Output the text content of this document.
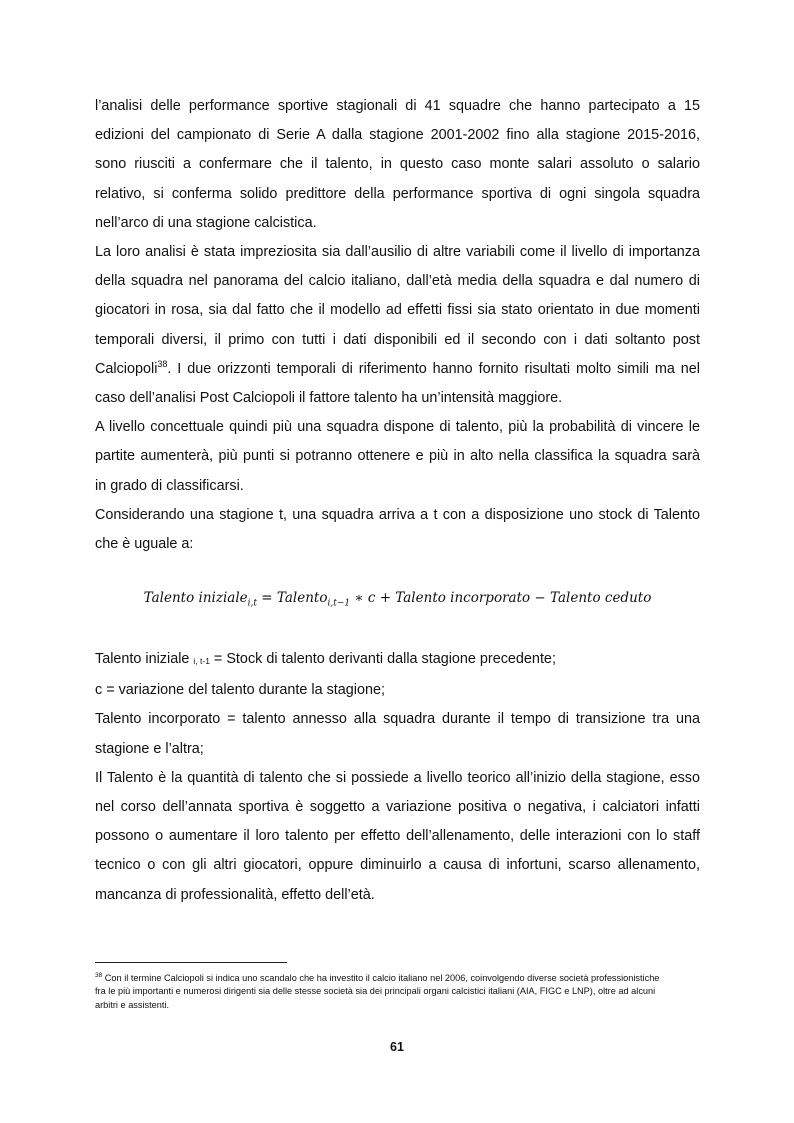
l’analisi delle performance sportive stagionali di 41 squadre che hanno partecipato a 15

edizioni del campionato di Serie A dalla stagione 2001-2002 fino alla stagione 2015-2016,

sono riusciti a confermare che il talento, in questo caso monte salari assoluto o salario

relativo, si conferma solido predittore della performance sportiva di ogni singola squadra

nell’arco di una stagione calcistica.

La loro analisi è stata impreziosita sia dall’ausilio di altre variabili come il livello di importanza

della squadra nel panorama del calcio italiano, dall’età media della squadra e dal numero di

giocatori in rosa, sia dal fatto che il modello ad effetti fissi sia stato orientato in due momenti

temporali diversi, il primo con tutti i dati disponibili ed il secondo con i dati soltanto post

Calciopoli$^{38}$. I due orizzonti temporali di riferimento hanno fornito risultati molto simili ma nel

caso dell’analisi Post Calciopoli il fattore talento ha un’intensità maggiore.

A livello concettuale quindi più una squadra dispone di talento, più la probabilità di vincere le

partite aumenterà, più punti si potranno ottenere e più in alto nella classifica la squadra sarà

in grado di classificarsi.

Considerando una stagione t, una squadra arriva a t con a disposizione uno stock di Talento

che è uguale a:

Talento iniziale$_{i,t}$ = Talento$_{i,t-1}$ ∗ c + Talento incorporato − Talento ceduto

Talento iniziale $_{i, t-1}$ = Stock di talento derivanti dalla stagione precedente;

c = variazione del talento durante la stagione;

Talento incorporato = talento annesso alla squadra durante il tempo di transizione tra una

stagione e l’altra;

Il Talento è la quantità di talento che si possiede a livello teorico all’inizio della stagione, esso

nel corso dell’annata sportiva è soggetto a variazione positiva o negativa, i calciatori infatti

possono o aumentare il loro talento per effetto dell’allenamento, delle interazioni con lo staff

tecnico o con gli altri giocatori, oppure diminuirlo a causa di infortuni, scarso allenamento,

mancanza di professionalità, effetto dell’età.

$^{38}$ Con il termine Calciopoli si indica uno scandalo che ha investito il calcio italiano nel 2006, coinvolgendo diverse società professionistiche

fra le più importanti e numerosi dirigenti sia delle stesse società sia dei principali organi calcistici italiani (AIA, FIGC e LNP), oltre ad alcuni

arbitri e assistenti.

61
